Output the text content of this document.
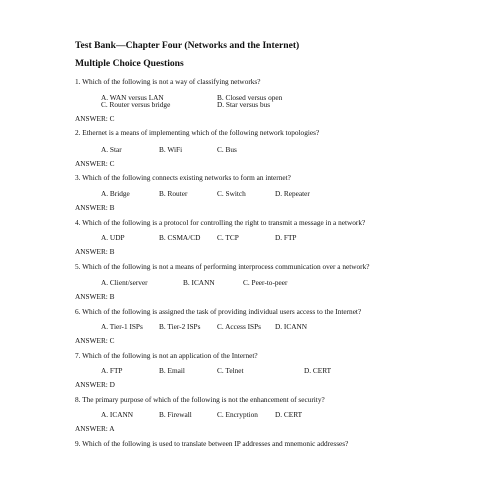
Test Bank—Chapter Four (Networks and the Internet)
Multiple Choice Questions
1. Which of the following is not a way of classifying networks?
A. WAN versus LAN	B. Closed versus open
C. Router versus bridge	D. Star versus bus
ANSWER: C
2. Ethernet is a means of implementing which of the following network topologies?
A. Star	B. WiFi	C. Bus
ANSWER: C
3. Which of the following connects existing networks to form an internet?
A. Bridge	B. Router	C. Switch	D. Repeater
ANSWER: B
4. Which of the following is a protocol for controlling the right to transmit a message in a network?
A. UDP	B. CSMA/CD C. TCP	D. FTP
ANSWER: B
5. Which of the following is not a means of performing interprocess communication over a network?
A. Client/server	B. ICANN	C. Peer-to-peer
ANSWER: B
6. Which of the following is assigned the task of providing individual users access to the Internet?
A. Tier-1 ISPs B. Tier-2 ISPs C. Access ISPs D. ICANN
ANSWER: C
7. Which of the following is not an application of the Internet?
A. FTP	B. Email	C. Telnet	D. CERT
ANSWER: D
8. The primary purpose of which of the following is not the enhancement of security?
A. ICANN	B. Firewall	C. Encryption D. CERT
ANSWER: A
9. Which of the following is used to translate between IP addresses and mnemonic addresses?
